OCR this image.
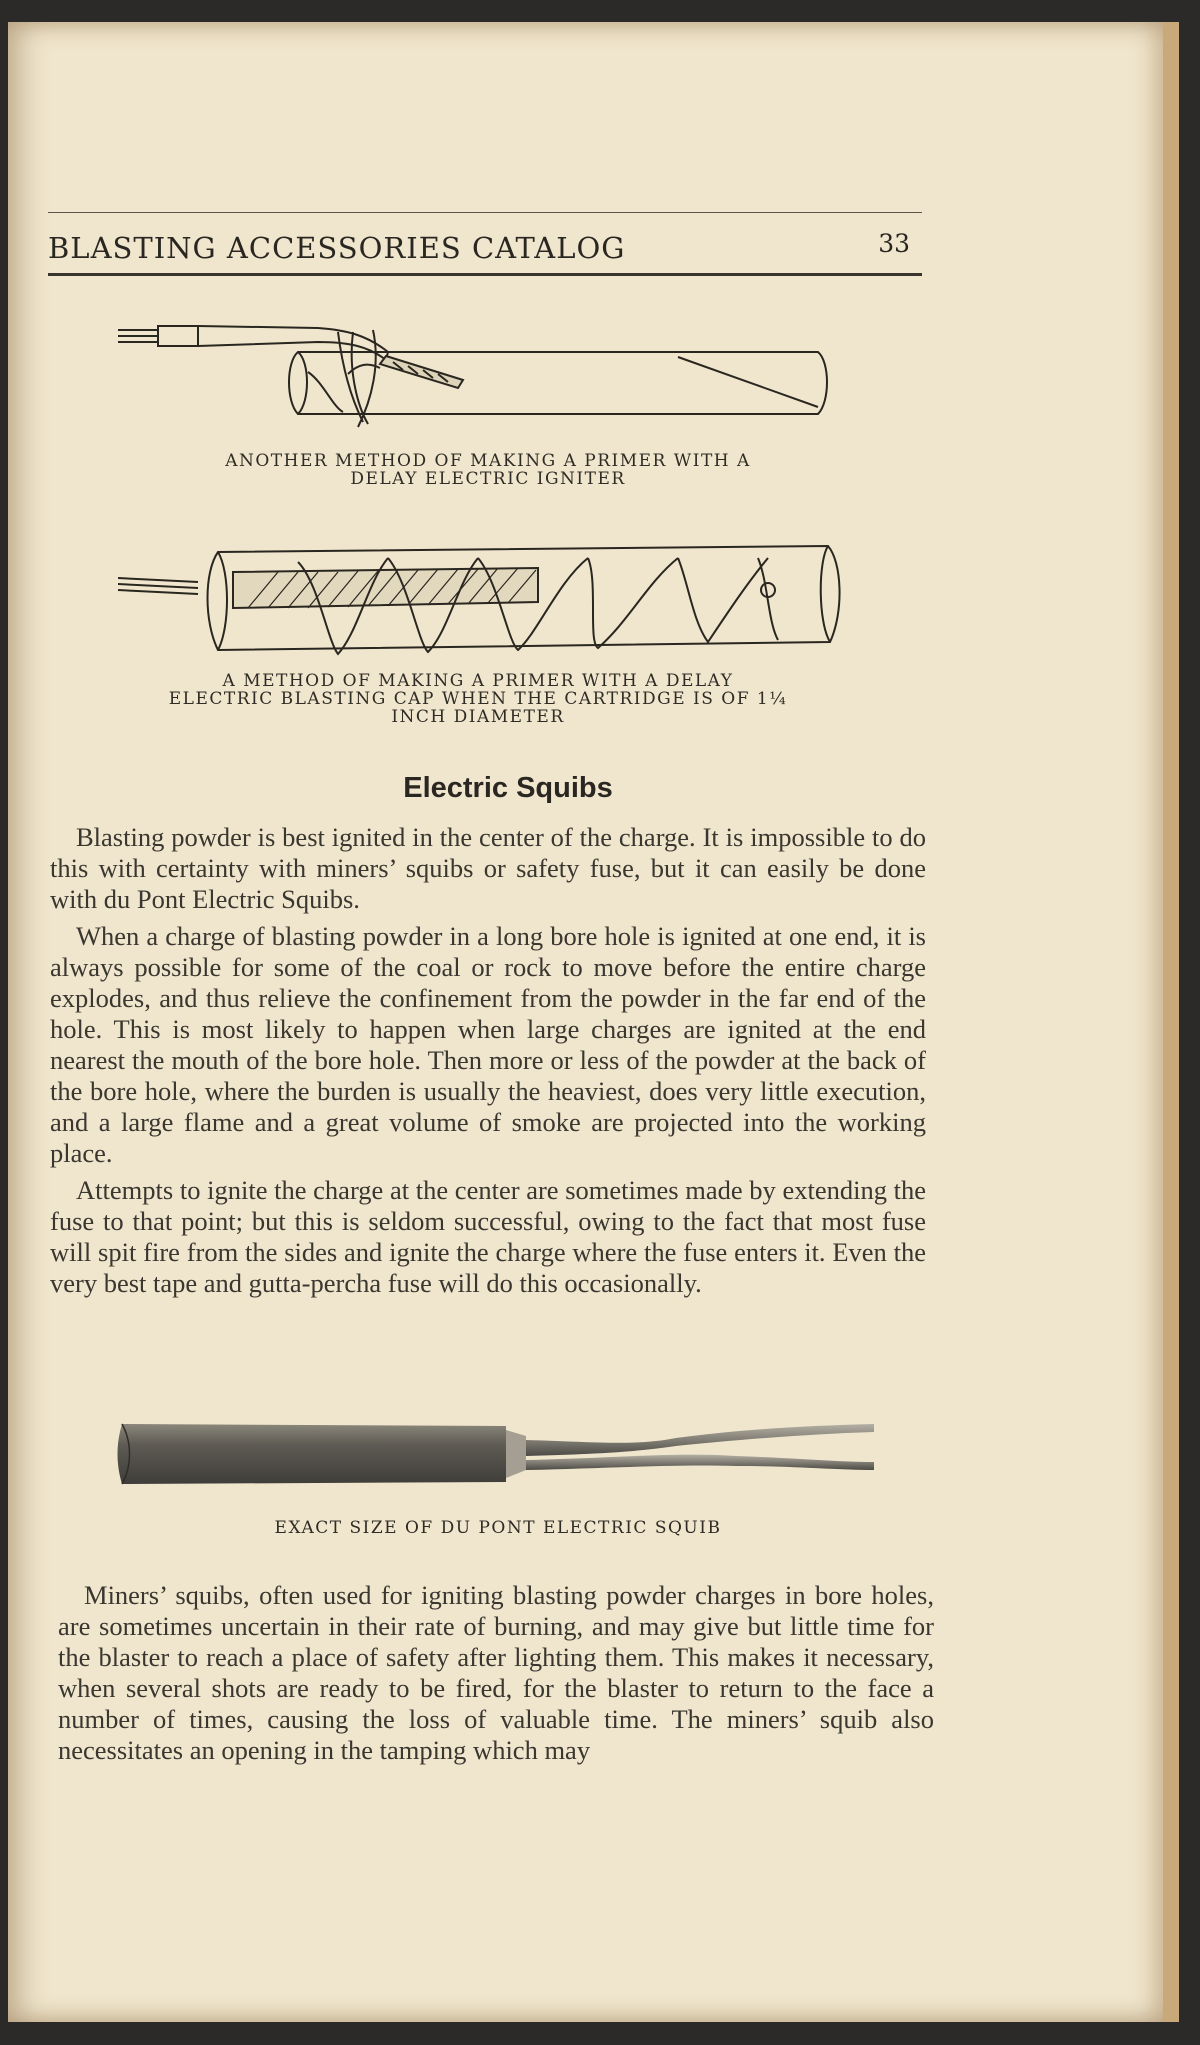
BLASTING ACCESSORIES CATALOG	33
ANOTHER METHOD OF MAKING A PRIMER WITH A
DELAY ELECTRIC IGNITER
A METHOD OF MAKING A PRIMER WITH A DELAY
ELECTRIC BLASTING CAP WHEN THE CARTRIDGE IS OF 1¼
INCH DIAMETER
Electric Squibs

Blasting powder is best ignited in the center of the charge. It is impossible to do this with certainty with miners’ squibs or safety fuse, but it can easily be done with du Pont Electric Squibs.

When a charge of blasting powder in a long bore hole is ignited at one end, it is always possible for some of the coal or rock to move before the entire charge explodes, and thus relieve the confinement from the powder in the far end of the hole. This is most likely to happen when large charges are ignited at the end nearest the mouth of the bore hole. Then more or less of the powder at the back of the bore hole, where the burden is usually the heaviest, does very little execution, and a large flame and a great volume of smoke are projected into the working place.

Attempts to ignite the charge at the center are sometimes made by extending the fuse to that point; but this is seldom successful, owing to the fact that most fuse will spit fire from the sides and ignite the charge where the fuse enters it. Even the very best tape and gutta-percha fuse will do this occasionally.

EXACT SIZE OF DU PONT ELECTRIC SQUIB

Miners’ squibs, often used for igniting blasting powder charges in bore holes, are sometimes uncertain in their rate of burning, and may give but little time for the blaster to reach a place of safety after lighting them. This makes it necessary, when several shots are ready to be fired, for the blaster to return to the face a number of times, causing the loss of valuable time. The miners’ squib also necessitates an opening in the tamping which may
